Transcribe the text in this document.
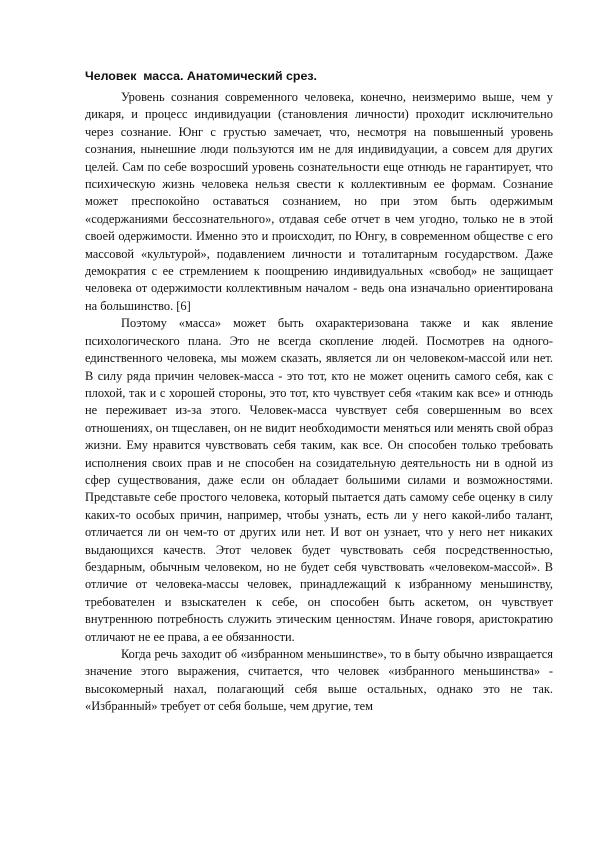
Человек  масса. Анатомический срез.

Уровень сознания современного человека, конечно, неизмеримо выше, чем у дикаря, и процесс индивидуации (становления личности) проходит исключительно через сознание. Юнг с грустью замечает, что, несмотря на повышенный уровень сознания, нынешние люди пользуются им не для индивидуации, а совсем для других целей. Сам по себе возросший уровень сознательности еще отнюдь не гарантирует, что психическую жизнь человека нельзя свести к коллективным ее формам. Сознание может преспокойно оставаться сознанием, но при этом быть одержимым «содержаниями бессознательного», отдавая себе отчет в чем угодно, только не в этой своей одержимости. Именно это и происходит, по Юнгу, в современном обществе с его массовой «культурой», подавлением личности и тоталитарным государством. Даже демократия с ее стремлением к поощрению индивидуальных «свобод» не защищает человека от одержимости коллективным началом - ведь она изначально ориентирована на большинство. [6]

Поэтому «масса» может быть охарактеризована также и как явление психологического плана. Это не всегда скопление людей. Посмотрев на одного-единственного человека, мы можем сказать, является ли он человеком-массой или нет. В силу ряда причин человек-масса - это тот, кто не может оценить самого себя, как с плохой, так и с хорошей стороны, это тот, кто чувствует себя «таким как все» и отнюдь не переживает из-за этого. Человек-масса чувствует себя совершенным во всех отношениях, он тщеславен, он не видит необходимости меняться или менять свой образ жизни. Ему нравится чувствовать себя таким, как все. Он способен только требовать исполнения своих прав и не способен на созидательную деятельность ни в одной из сфер существования, даже если он обладает большими силами и возможностями. Представьте себе простого человека, который пытается дать самому себе оценку в силу каких-то особых причин, например, чтобы узнать, есть ли у него какой-либо талант, отличается ли он чем-то от других или нет. И вот он узнает, что у него нет никаких выдающихся качеств. Этот человек будет чувствовать себя посредственностью, бездарным, обычным человеком, но не будет себя чувствовать «человеком-массой». В отличие от человека-массы человек, принадлежащий к избранному меньшинству, требователен и взыскателен к себе, он способен быть аскетом, он чувствует внутреннюю потребность служить этическим ценностям. Иначе говоря, аристократию отличают не ее права, а ее обязанности.

Когда речь заходит об «избранном меньшинстве», то в быту обычно извращается значение этого выражения, считается, что человек «избранного меньшинства» - высокомерный нахал, полагающий себя выше остальных, однако это не так. «Избранный» требует от себя больше, чем другие, тем
